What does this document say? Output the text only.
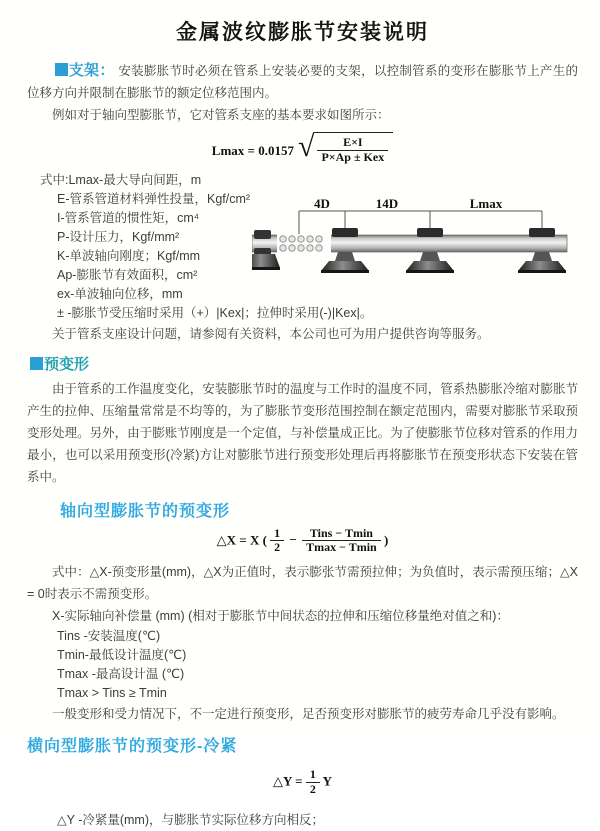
金属波纹膨胀节安装说明

支架： 安装膨胀节时必须在管系上安装必要的支架，以控制管系的变形在膨胀节上产生的位移方向并限制在膨胀节的额定位移范围内。

例如对于轴向型膨胀节，它对管系支座的基本要求如图所示：

Lmax = 0.0157 √ $\frac{E\times I}{\text{P×Ap ± Kex}}$
式中:Lmax-最大导向间距，m
E-管系管道材料弹性投量，Kgf/cm²
I-管系管道的惯性矩，cm⁴
P-设计压力，Kgf/mm²
K-单波轴向刚度；Kgf/mm
Ap-膨胀节有效面积，cm²
ex-单波轴向位移，mm
± -膨胀节受压缩时采用（+）|Kex|；拉伸时采用(-)|Kex|。
4D	14D	Lmax

关于管系支座设计问题，请参阅有关资料，本公司也可为用户提供咨询等服务。

预变形

由于管系的工作温度变化，安装膨胀节时的温度与工作时的温度不同，管系热膨胀冷缩对膨胀节产生的拉伸、压缩量常常是不均等的，为了膨胀节变形范围控制在额定范围内，需要对膨胀节采取预变形处理。另外，由于膨账节刚度是一个定值，与补偿量成正比。为了使膨胀节位移对管系的作用力最小，也可以采用预变形(冷紧)方让对膨胀节进行预变形处理后再将膨胀节在预变形状态下安装在管系中。

轴向型膨胀节的预变形
△X = X ( $\frac{1}{2} - \frac{\text{Tins − Tmin}}{Tmax - Tmin}$ )

式中：△X-预变形量(mm)，△X为正值时，表示膨张节需预拉伸；为负值时，表示需预压缩；△X = 0时表示不需预变形。

X-实际轴向补偿量 (mm) (相对于膨胀节中间状态的拉伸和压缩位移量绝对值之和)：

Tins -安装温度(℃)
Tmin-最低设计温度(℃)
Tmax -最高设计温 (℃)
Tmax > Tins ≥ Tmin

一般变形和受力情况下，不一定进行预变形，足否预变形对膨胀节的疲劳寿命几乎没有影响。

横向型膨胀节的预变形-冷紧
△Y = $\frac{1}{2}$ Y
△Y -冷紧量(mm)，与膨胀节实际位移方向相反；
